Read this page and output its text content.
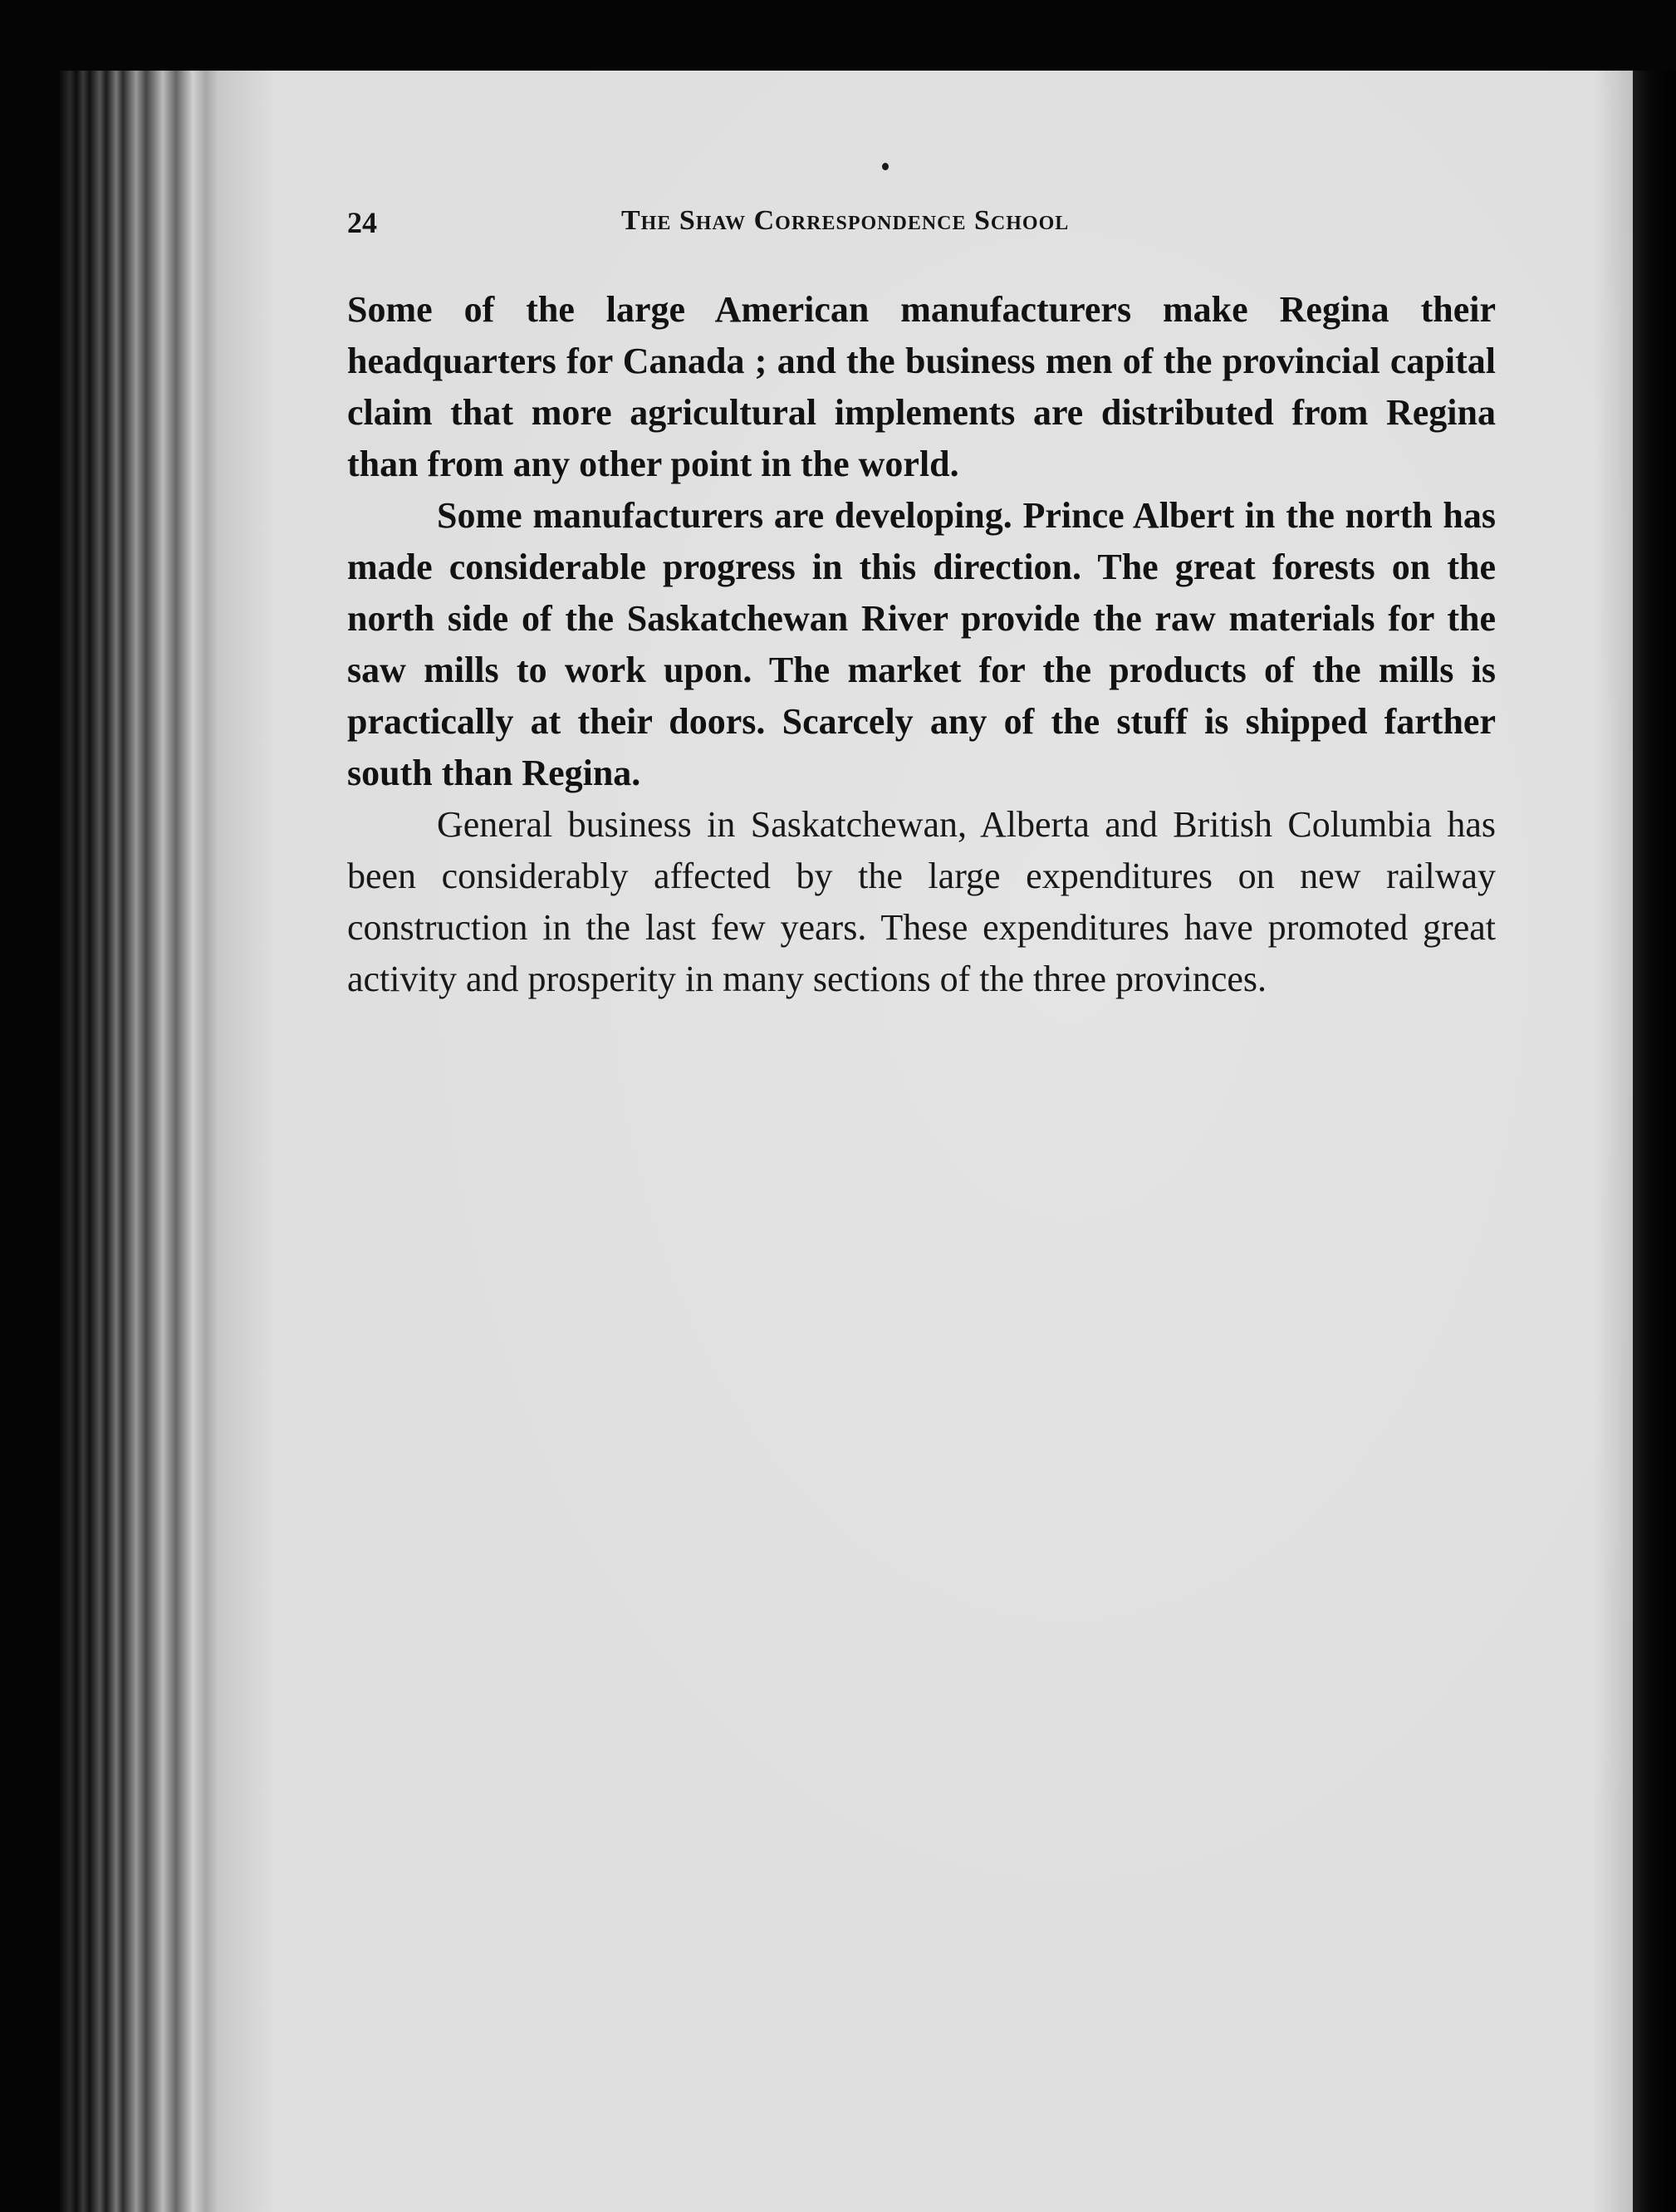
24	The Shaw Correspondence School

Some of the large American manufacturers make Regina their headquarters for Canada ; and the business men of the provincial capital claim that more agricultural implements are distributed from Regina than from any other point in the world.

Some manufacturers are developing. Prince Albert in the north has made considerable progress in this direction. The great forests on the north side of the Saskatchewan River provide the raw materials for the saw mills to work upon. The market for the products of the mills is practically at their doors. Scarcely any of the stuff is shipped farther south than Regina.

General business in Saskatchewan, Alberta and British Columbia has been considerably affected by the large expenditures on new railway construction in the last few years. These expenditures have promoted great activity and prosperity in many sections of the three provinces.
